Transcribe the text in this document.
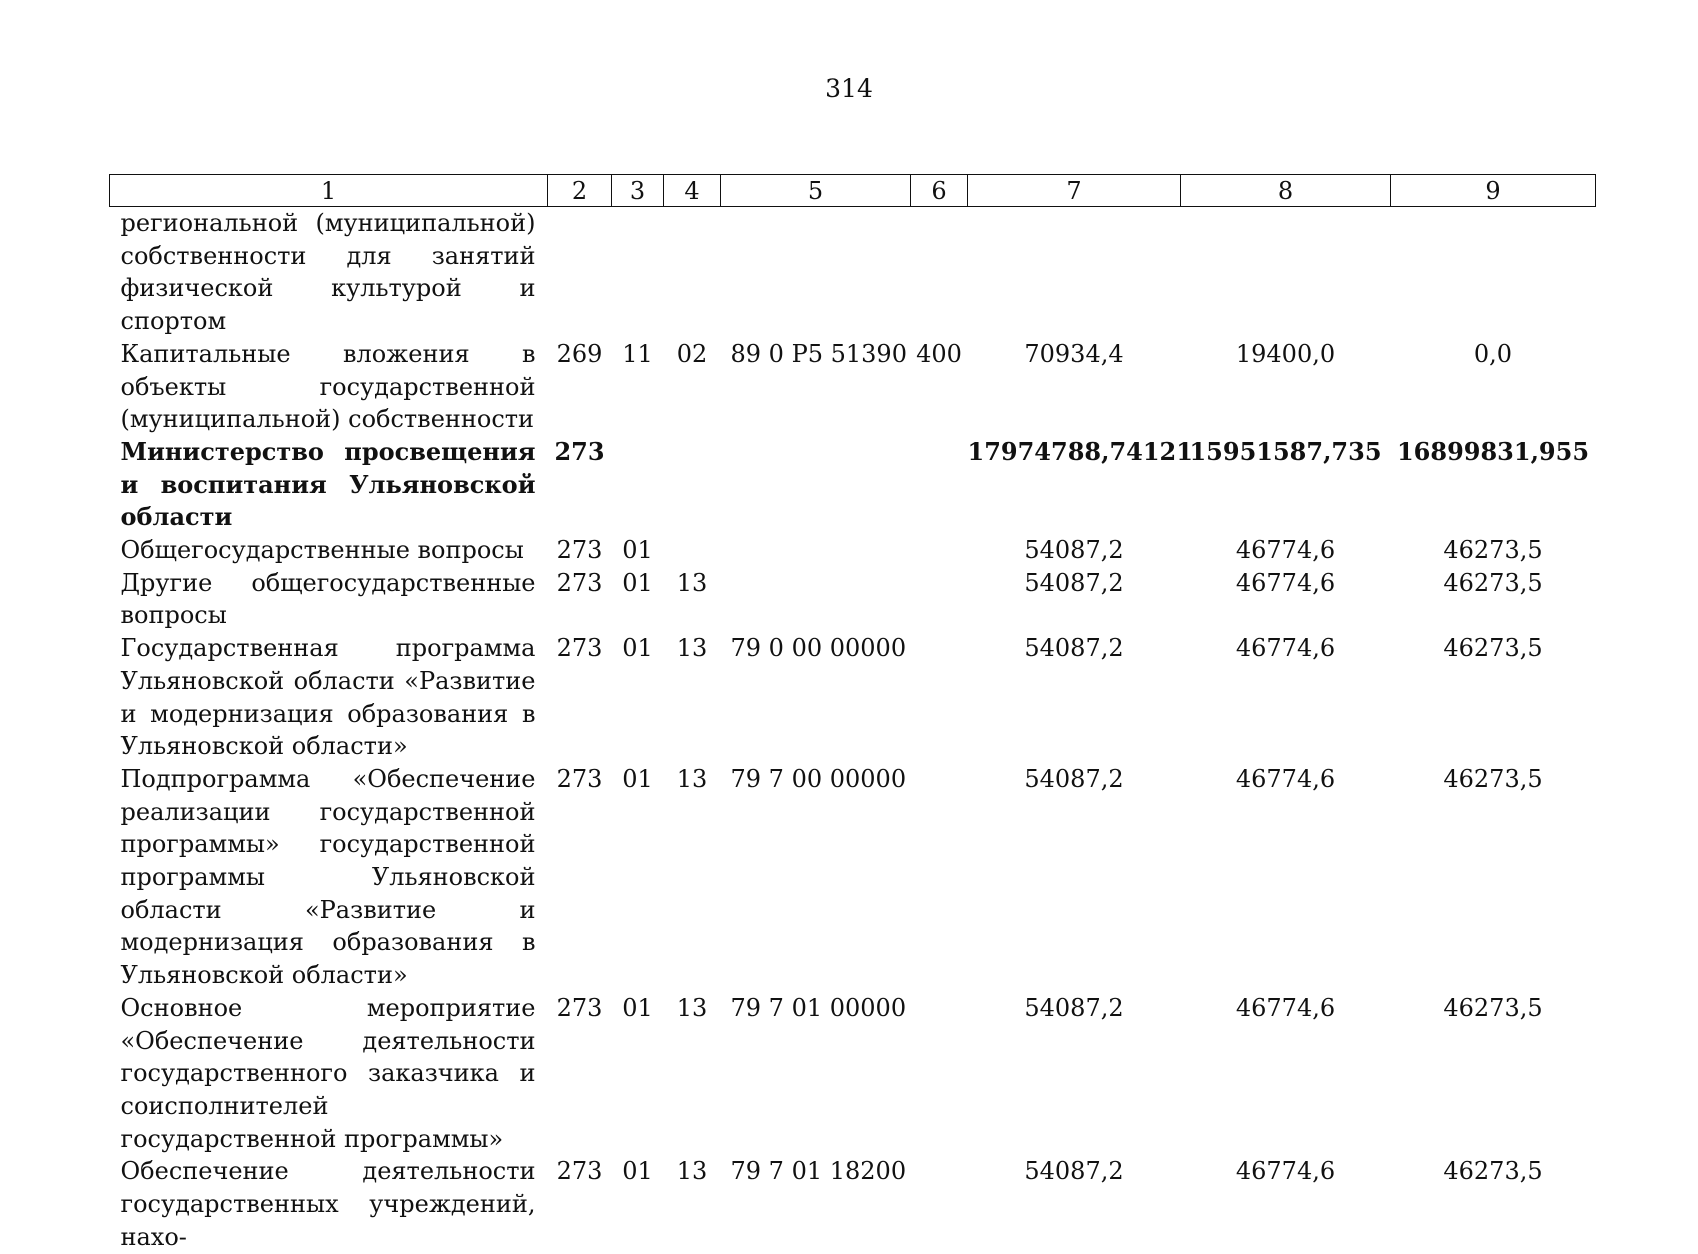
314
1	2	3	4	5	6	7	8	9
региональной (муниципальной) собственности для занятий физической культурой и спортом								
Капитальные вложения в объекты государственной (муниципальной) собственности	269	11	02	89 0 P5 51390	400	70934,4	19400,0	0,0
Министерство просвещения и воспитания Ульяновской области	273					17974788,74121	15951587,735	16899831,955
Общегосударственные вопросы	273	01				54087,2	46774,6	46273,5
Другие общегосударственные вопросы	273	01	13			54087,2	46774,6	46273,5
Государственная программа Ульяновской области «Развитие и модернизация образования в Ульяновской области»	273	01	13	79 0 00 00000		54087,2	46774,6	46273,5
Подпрограмма «Обеспечение реализации государственной программы» государственной программы Ульяновской области «Развитие и модернизация образования в Ульяновской области»	273	01	13	79 7 00 00000		54087,2	46774,6	46273,5
Основное мероприятие «Обеспечение деятельности государственного заказчика и соисполнителей государственной программы»	273	01	13	79 7 01 00000		54087,2	46774,6	46273,5
Обеспечение деятельности государственных учреждений, нахо-	273	01	13	79 7 01 18200		54087,2	46774,6	46273,5
